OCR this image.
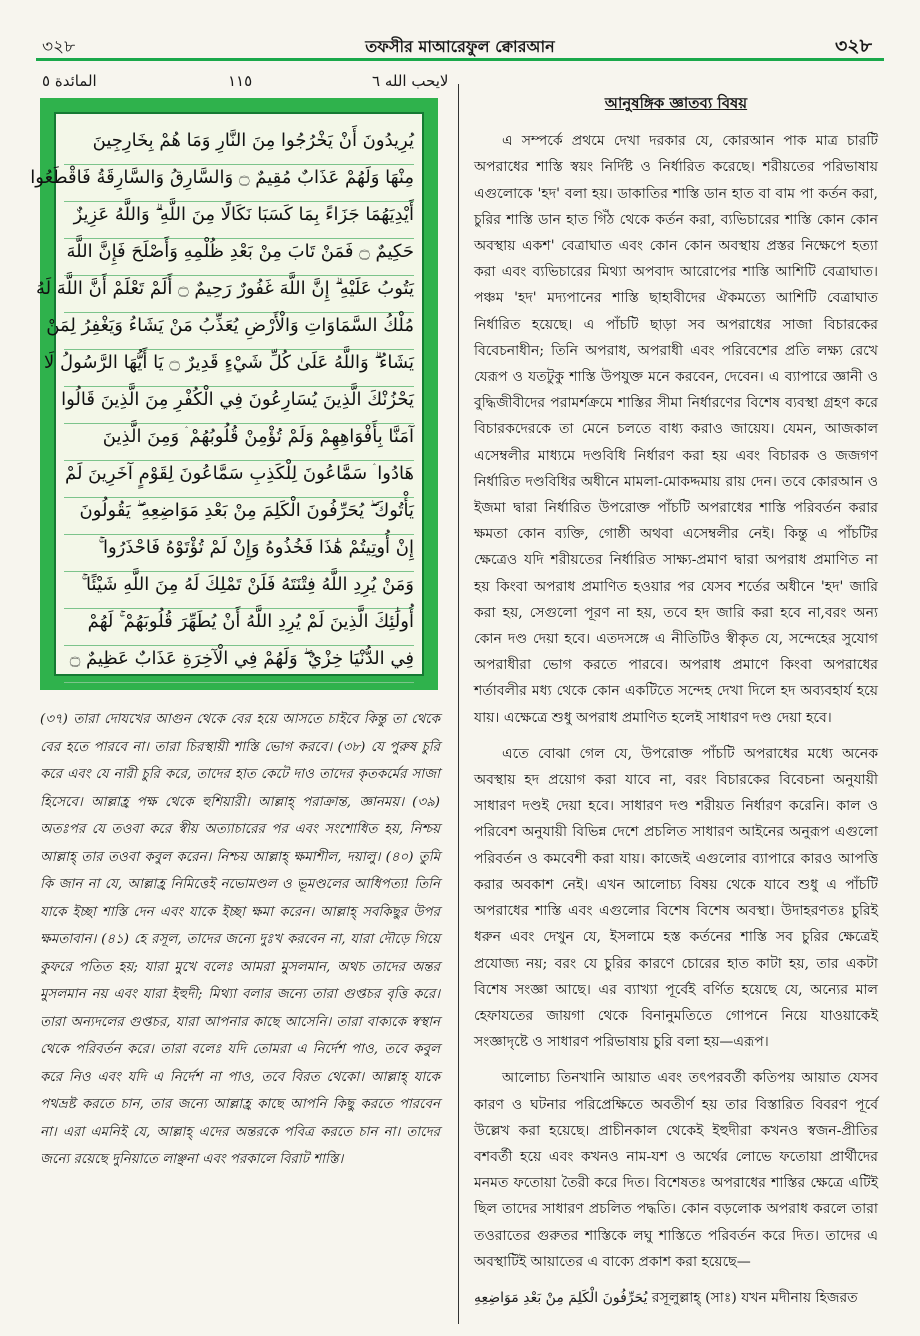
৩২৮	তফসীর মাআরেফুল ক্বোরআন	৩২৮
المائدة ٥	١١٥	لايحب الله ٦
يُرِيدُونَ أَنْ يَخْرُجُوا مِنَ النَّارِ وَمَا هُمْ بِخَارِجِينَ
مِنْهَا وَلَهُمْ عَذَابٌ مُقِيمٌ ۝ وَالسَّارِقُ وَالسَّارِقَةُ فَاقْطَعُوا
أَيْدِيَهُمَا جَزَاءً بِمَا كَسَبَا نَكَالًا مِنَ اللَّهِ ۗ وَاللَّهُ عَزِيزٌ
حَكِيمٌ ۝ فَمَنْ تَابَ مِنْ بَعْدِ ظُلْمِهِ وَأَصْلَحَ فَإِنَّ اللَّهَ
يَتُوبُ عَلَيْهِ ۗ إِنَّ اللَّهَ غَفُورٌ رَحِيمٌ ۝ أَلَمْ تَعْلَمْ أَنَّ اللَّهَ لَهُ
مُلْكُ السَّمَاوَاتِ وَالْأَرْضِ يُعَذِّبُ مَنْ يَشَاءُ وَيَغْفِرُ لِمَنْ
يَشَاءُ ۗ وَاللَّهُ عَلَىٰ كُلِّ شَيْءٍ قَدِيرٌ ۝ يَا أَيُّهَا الرَّسُولُ لَا
يَحْزُنْكَ الَّذِينَ يُسَارِعُونَ فِي الْكُفْرِ مِنَ الَّذِينَ قَالُوا
آمَنَّا بِأَفْوَاهِهِمْ وَلَمْ تُؤْمِنْ قُلُوبُهُمْ ۛ وَمِنَ الَّذِينَ
هَادُوا ۛ سَمَّاعُونَ لِلْكَذِبِ سَمَّاعُونَ لِقَوْمٍ آخَرِينَ لَمْ
يَأْتُوكَ ۖ يُحَرِّفُونَ الْكَلِمَ مِنْ بَعْدِ مَوَاضِعِهِ ۖ يَقُولُونَ
إِنْ أُوتِيتُمْ هَٰذَا فَخُذُوهُ وَإِنْ لَمْ تُؤْتَوْهُ فَاحْذَرُوا ۚ
وَمَنْ يُرِدِ اللَّهُ فِتْنَتَهُ فَلَنْ تَمْلِكَ لَهُ مِنَ اللَّهِ شَيْئًا ۚ
أُولَٰئِكَ الَّذِينَ لَمْ يُرِدِ اللَّهُ أَنْ يُطَهِّرَ قُلُوبَهُمْ ۚ لَهُمْ
فِي الدُّنْيَا خِزْيٌ ۖ وَلَهُمْ فِي الْآخِرَةِ عَذَابٌ عَظِيمٌ ۝

(৩৭) তারা দোযখের আগুন থেকে বের হয়ে আসতে চাইবে কিন্তু তা থেকে বের হতে পারবে না। তারা চিরস্থায়ী শাস্তি ভোগ করবে। (৩৮) যে পুরুষ চুরি করে এবং যে নারী চুরি করে, তাদের হাত কেটে দাও তাদের কৃতকর্মের সাজা হিসেবে। আল্লাহ্র পক্ষ থেকে হুশিয়ারী। আল্লাহ্ পরাক্রান্ত, জ্ঞানময়। (৩৯) অতঃপর যে তওবা করে স্বীয় অত্যাচারের পর এবং সংশোধিত হয়, নিশ্চয় আল্লাহ্ তার তওবা কবুল করেন। নিশ্চয় আল্লাহ্ ক্ষমাশীল, দয়ালু। (৪০) তুমি কি জান না যে, আল্লাহ্র নিমিত্তেই নভোমণ্ডল ও ভূমণ্ডলের আধিপত্য! তিনি যাকে ইচ্ছা শাস্তি দেন এবং যাকে ইচ্ছা ক্ষমা করেন। আল্লাহ্ সবকিছুর উপর ক্ষমতাবান। (৪১) হে রসূল, তাদের জন্যে দুঃখ করবেন না, যারা দৌড়ে গিয়ে কুফরে পতিত হয়; যারা মুখে বলেঃ আমরা মুসলমান, অথচ তাদের অন্তর মুসলমান নয় এবং যারা ইহুদী; মিথ্যা বলার জন্যে তারা গুপ্তচর বৃত্তি করে। তারা অন্যদলের গুপ্তচর, যারা আপনার কাছে আসেনি। তারা বাক্যকে স্বস্থান থেকে পরিবর্তন করে। তারা বলেঃ যদি তোমরা এ নির্দেশ পাও, তবে কবুল করে নিও এবং যদি এ নির্দেশ না পাও, তবে বিরত থেকো। আল্লাহ্ যাকে পথভ্রষ্ট করতে চান, তার জন্যে আল্লাহ্র কাছে আপনি কিছু করতে পারবেন না। এরা এমনিই যে, আল্লাহ্ এদের অন্তরকে পবিত্র করতে চান না। তাদের জন্যে রয়েছে দুনিয়াতে লাঞ্ছনা এবং পরকালে বিরাট শাস্তি।

আনুষঙ্গিক জ্ঞাতব্য বিষয়

এ সম্পর্কে প্রথমে দেখা দরকার যে, কোরআন পাক মাত্র চারটি অপরাধের শাস্তি স্বয়ং নির্দিষ্ট ও নির্ধারিত করেছে। শরীয়তের পরিভাষায় এগুলোকে 'হদ' বলা হয়। ডাকাতির শাস্তি ডান হাত বা বাম পা কর্তন করা, চুরির শাস্তি ডান হাত গিঁঠ থেকে কর্তন করা, ব্যভিচারের শাস্তি কোন কোন অবস্থায় একশ' বেত্রাঘাত এবং কোন কোন অবস্থায় প্রস্তর নিক্ষেপে হত্যা করা এবং ব্যভিচারের মিথ্যা অপবাদ আরোপের শাস্তি আশিটি বেত্রাঘাত। পঞ্চম 'হদ' মদ্যপানের শাস্তি ছাহাবীদের ঐকমত্যে আশিটি বেত্রাঘাত নির্ধারিত হয়েছে। এ পাঁচটি ছাড়া সব অপরাধের সাজা বিচারকের বিবেচনাধীন; তিনি অপরাধ, অপরাধী এবং পরিবেশের প্রতি লক্ষ্য রেখে যেরূপ ও যতটুকু শাস্তি উপযুক্ত মনে করবেন, দেবেন। এ ব্যাপারে জ্ঞানী ও বুদ্ধিজীবীদের পরামর্শক্রমে শাস্তির সীমা নির্ধারণের বিশেষ ব্যবস্থা গ্রহণ করে বিচারকদেরকে তা মেনে চলতে বাধ্য করাও জায়েয। যেমন, আজকাল এসেম্বলীর মাধ্যমে দণ্ডবিধি নির্ধারণ করা হয় এবং বিচারক ও জজগণ নির্ধারিত দণ্ডবিধির অধীনে মামলা-মোকদ্দমায় রায় দেন। তবে কোরআন ও ইজমা দ্বারা নির্ধারিত উপরোক্ত পাঁচটি অপরাধের শাস্তি পরিবর্তন করার ক্ষমতা কোন ব্যক্তি, গোষ্ঠী অথবা এসেম্বলীর নেই। কিন্তু এ পাঁচটির ক্ষেত্রেও যদি শরীয়তের নির্ধারিত সাক্ষ্য-প্রমাণ দ্বারা অপরাধ প্রমাণিত না হয় কিংবা অপরাধ প্রমাণিত হওয়ার পর যেসব শর্তের অধীনে 'হদ' জারি করা হয়, সেগুলো পূরণ না হয়, তবে হদ জারি করা হবে না,বরং অন্য কোন দণ্ড দেয়া হবে। এতদসঙ্গে এ নীতিটিও স্বীকৃত যে, সন্দেহের সুযোগ অপরাধীরা ভোগ করতে পারবে। অপরাধ প্রমাণে কিংবা অপরাধের শর্তাবলীর মধ্য থেকে কোন একটিতে সন্দেহ দেখা দিলে হদ অব্যবহার্য হয়ে যায়। এক্ষেত্রে শুধু অপরাধ প্রমাণিত হলেই সাধারণ দণ্ড দেয়া হবে।

এতে বোঝা গেল যে, উপরোক্ত পাঁচটি অপরাধের মধ্যে অনেক অবস্থায় হদ প্রয়োগ করা যাবে না, বরং বিচারকের বিবেচনা অনুযায়ী সাধারণ দণ্ডই দেয়া হবে। সাধারণ দণ্ড শরীয়ত নির্ধারণ করেনি। কাল ও পরিবেশ অনুযায়ী বিভিন্ন দেশে প্রচলিত সাধারণ আইনের অনুরূপ এগুলো পরিবর্তন ও কমবেশী করা যায়। কাজেই এগুলোর ব্যাপারে কারও আপত্তি করার অবকাশ নেই। এখন আলোচ্য বিষয় থেকে যাবে শুধু এ পাঁচটি অপরাধের শাস্তি এবং এগুলোর বিশেষ বিশেষ অবস্থা। উদাহরণতঃ চুরিই ধরুন এবং দেখুন যে, ইসলামে হস্ত কর্তনের শাস্তি সব চুরির ক্ষেত্রেই প্রযোজ্য নয়; বরং যে চুরির কারণে চোরের হাত কাটা হয়, তার একটা বিশেষ সংজ্ঞা আছে। এর ব্যাখ্যা পূর্বেই বর্ণিত হয়েছে যে, অন্যের মাল হেফাযতের জায়গা থেকে বিনানুমতিতে গোপনে নিয়ে যাওয়াকেই সংজ্ঞাদৃষ্টে ও সাধারণ পরিভাষায় চুরি বলা হয়—এরূপ।

আলোচ্য তিনখানি আয়াত এবং তৎপরবর্তী কতিপয় আয়াত যেসব কারণ ও ঘটনার পরিপ্রেক্ষিতে অবতীর্ণ হয় তার বিস্তারিত বিবরণ পূর্বে উল্লেখ করা হয়েছে। প্রাচীনকাল থেকেই ইহুদীরা কখনও স্বজন-প্রীতির বশবর্তী হয়ে এবং কখনও নাম-যশ ও অর্থের লোভে ফতোয়া প্রার্থীদের মনমত ফতোয়া তৈরী করে দিত। বিশেষতঃ অপরাধের শাস্তির ক্ষেত্রে এটিই ছিল তাদের সাধারণ প্রচলিত পদ্ধতি। কোন বড়লোক অপরাধ করলে তারা তওরাতের গুরুতর শাস্তিকে লঘু শাস্তিতে পরিবর্তন করে দিত। তাদের এ অবস্থাটিই আয়াতের এ বাক্যে প্রকাশ করা হয়েছে—

يُحَرِّفُونَ الْكَلِمَ مِنْ بَعْدِ مَوَاضِعِهِ রসূলুল্লাহ্ (সাঃ) যখন মদীনায় হিজরত
